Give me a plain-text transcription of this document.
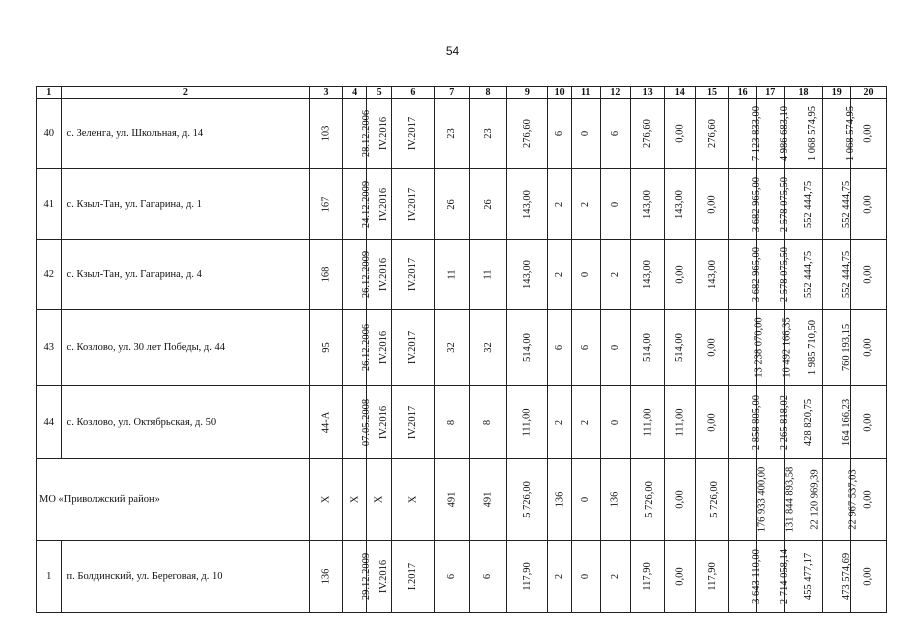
54
1	2	3	4	5	6	7	8	9	10	11	12	13	14	15	16	17	18	19	20
40	с. Зеленга, ул. Школьная, д. 14	103	28.12.2006	IV.2016	IV.2017	23	23	276,60	6	0	6	276,60	0,00	276,60	7 123 833,00	4 986 683,10	1 068 574,95	1 068 574,95	0,00
41	с. Кзыл-Тан, ул. Гагарина, д. 1	167	24.12.2009	IV.2016	IV.2017	26	26	143,00	2	2	0	143,00	143,00	0,00	3 682 965,00	2 578 075,50	552 444,75	552 444,75	0,00
42	с. Кзыл-Тан, ул. Гагарина, д. 4	168	26.12.2009	IV.2016	IV.2017	11	11	143,00	2	0	2	143,00	0,00	143,00	3 682 965,00	2 578 075,50	552 444,75	552 444,75	0,00
43	с. Козлово, ул. 30 лет Победы, д. 44	95	26.12.2006	IV.2016	IV.2017	32	32	514,00	6	6	0	514,00	514,00	0,00	13 238 070,00	10 492 166,35	1 985 710,50	760 193,15	0,00
44	с. Козлово, ул. Октябрьская, д. 50	44-А	07.05.2008	IV.2016	IV.2017	8	8	111,00	2	2	0	111,00	111,00	0,00	2 858 805,00	2 265 818,02	428 820,75	164 166,23	0,00
МО «Приволжский район»		Х	Х	Х	Х	491	491	5 726,00	136	0	136	5 726,00	0,00	5 726,00	176 933 400,00	131 844 893,58	22 120 969,39	22 967 537,03	0,00
1	п. Болдинский, ул. Береговая, д. 10	136	29.12.2009	IV.2016	I.2017	6	6	117,90	2	0	2	117,90	0,00	117,90	3 643 110,00	2 714 058,14	455 477,17	473 574,69	0,00
